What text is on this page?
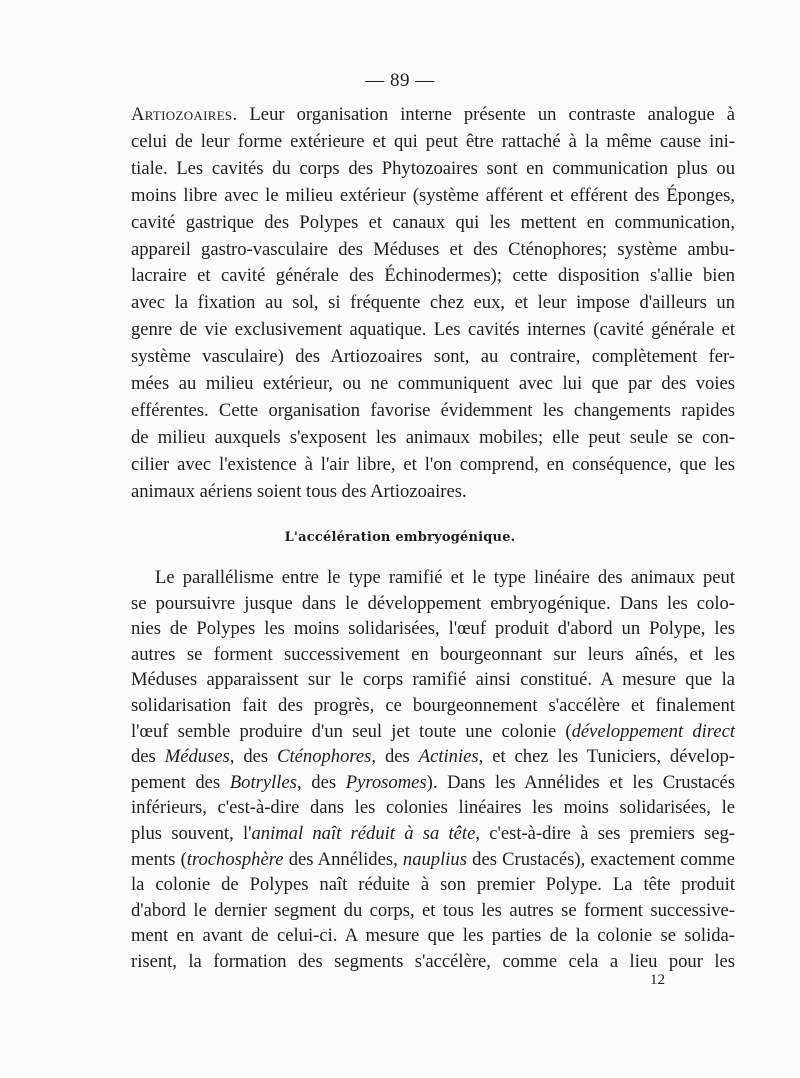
— 89 —
Artiozoaires. Leur organisation interne présente un contraste analogue à
celui de leur forme extérieure et qui peut être rattaché à la même cause ini-
tiale. Les cavités du corps des Phytozoaires sont en communication plus ou
moins libre avec le milieu extérieur (système afférent et efférent des Éponges,
cavité gastrique des Polypes et canaux qui les mettent en communication,
appareil gastro-vasculaire des Méduses et des Cténophores; système ambu-
lacraire et cavité générale des Échinodermes); cette disposition s'allie bien
avec la fixation au sol, si fréquente chez eux, et leur impose d'ailleurs un
genre de vie exclusivement aquatique. Les cavités internes (cavité générale et
système vasculaire) des Artiozoaires sont, au contraire, complètement fer-
mées au milieu extérieur, ou ne communiquent avec lui que par des voies
efférentes. Cette organisation favorise évidemment les changements rapides
de milieu auxquels s'exposent les animaux mobiles; elle peut seule se con-
cilier avec l'existence à l'air libre, et l'on comprend, en conséquence, que les
animaux aériens soient tous des Artiozoaires.
L'accélération embryogénique.
Le parallélisme entre le type ramifié et le type linéaire des animaux peut
se poursuivre jusque dans le développement embryogénique. Dans les colo-
nies de Polypes les moins solidarisées, l'œuf produit d'abord un Polype, les
autres se forment successivement en bourgeonnant sur leurs aînés, et les
Méduses apparaissent sur le corps ramifié ainsi constitué. A mesure que la
solidarisation fait des progrès, ce bourgeonnement s'accélère et finalement
l'œuf semble produire d'un seul jet toute une colonie (développement direct
des Méduses, des Cténophores, des Actinies, et chez les Tuniciers, dévelop-
pement des Botrylles, des Pyrosomes). Dans les Annélides et les Crustacés
inférieurs, c'est-à-dire dans les colonies linéaires les moins solidarisées, le
plus souvent, l'animal naît réduit à sa tête, c'est-à-dire à ses premiers seg-
ments (trochosphère des Annélides, nauplius des Crustacés), exactement comme
la colonie de Polypes naît réduite à son premier Polype. La tête produit
d'abord le dernier segment du corps, et tous les autres se forment successive-
ment en avant de celui-ci. A mesure que les parties de la colonie se solida-
risent, la formation des segments s'accélère, comme cela a lieu pour les
12
